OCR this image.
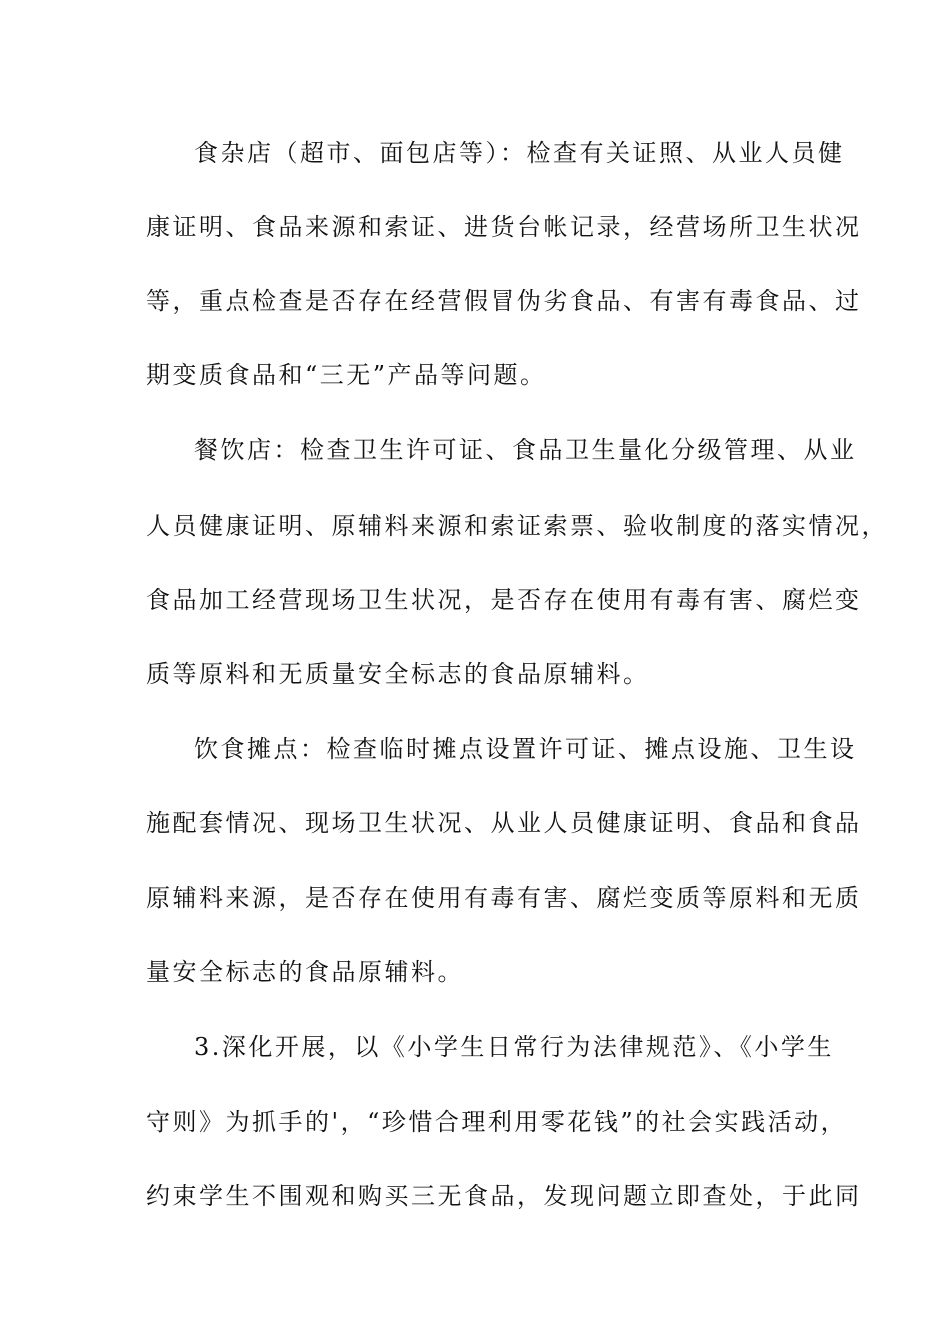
食杂店（超市、面包店等）：检查有关证照、从业人员健
康证明、食品来源和索证、进货台帐记录，经营场所卫生状况
等，重点检查是否存在经营假冒伪劣食品、有害有毒食品、过
期变质食品和“三无”产品等问题。
餐饮店：检查卫生许可证、食品卫生量化分级管理、从业
人员健康证明、原辅料来源和索证索票、验收制度的落实情况，
食品加工经营现场卫生状况，是否存在使用有毒有害、腐烂变
质等原料和无质量安全标志的食品原辅料。
饮食摊点：检查临时摊点设置许可证、摊点设施、卫生设
施配套情况、现场卫生状况、从业人员健康证明、食品和食品
原辅料来源，是否存在使用有毒有害、腐烂变质等原料和无质
量安全标志的食品原辅料。
3.深化开展，以《小学生日常行为法律规范》、《小学生
守则》为抓手的'，“珍惜合理利用零花钱”的社会实践活动，
约束学生不围观和购买三无食品，发现问题立即查处，于此同
